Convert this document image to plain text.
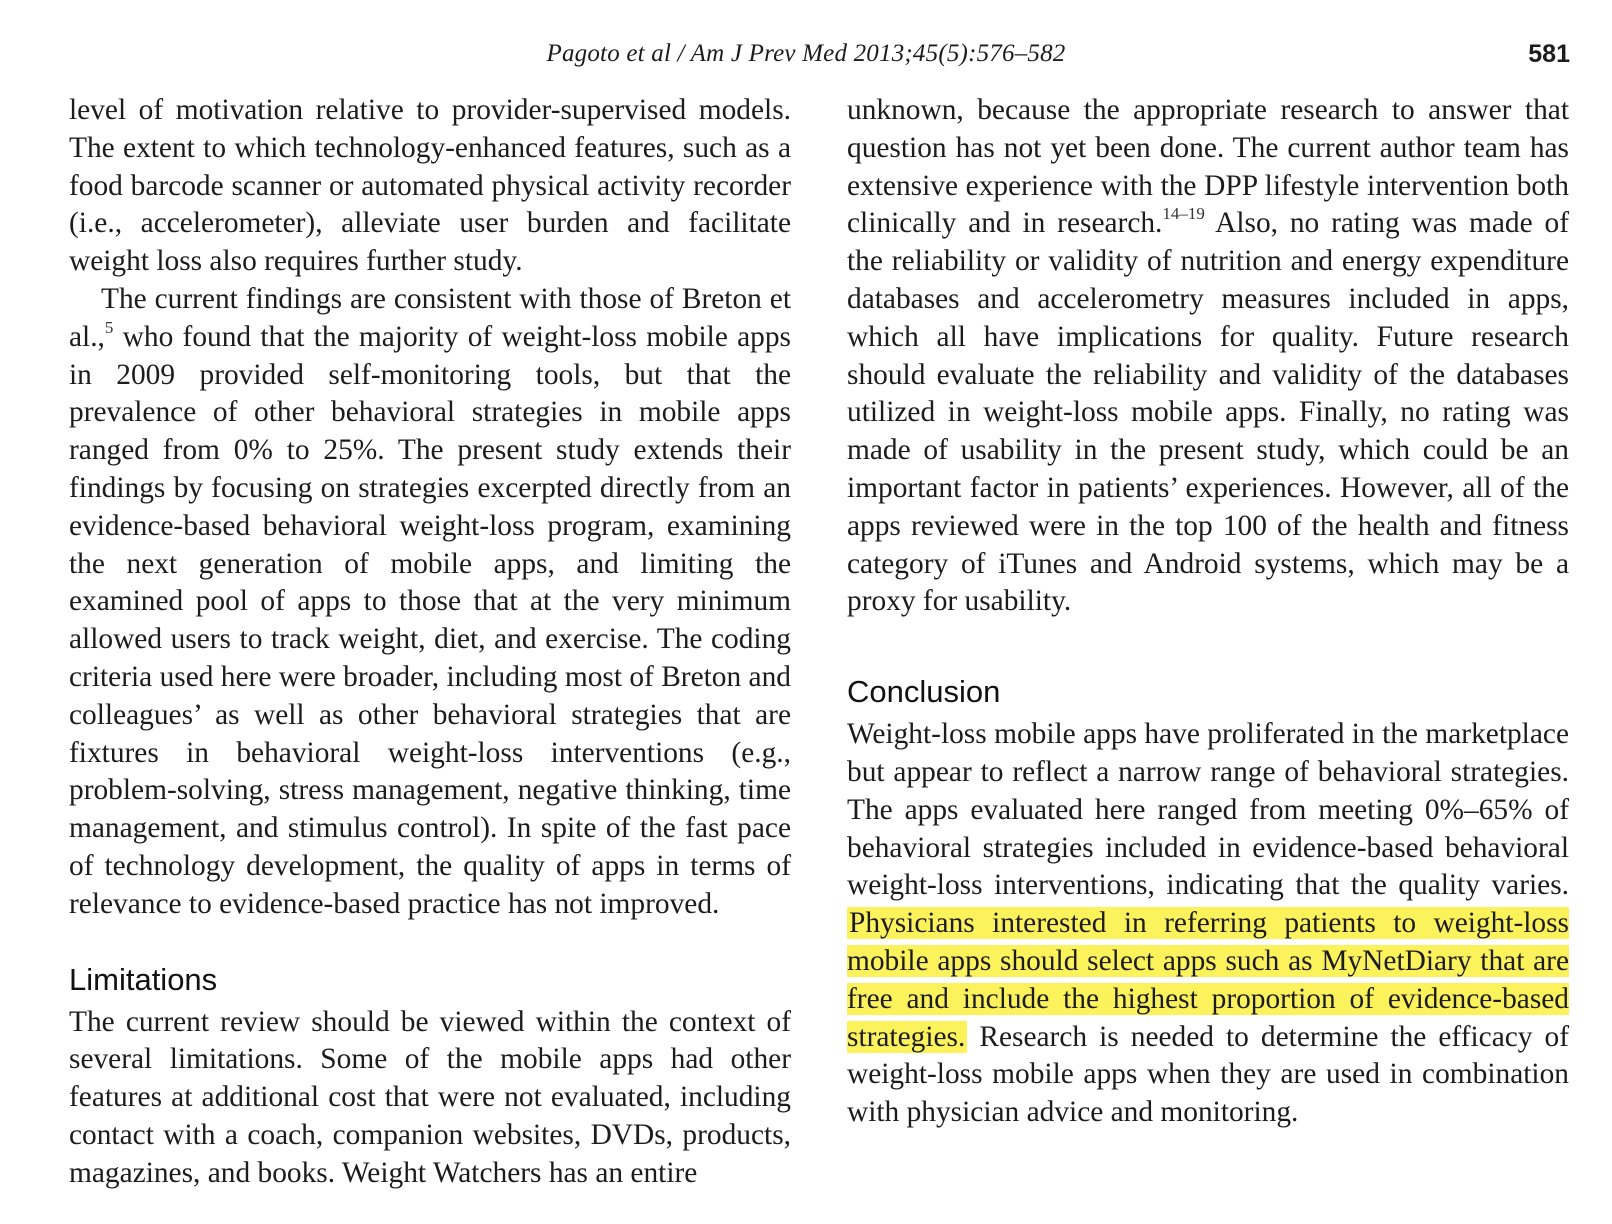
Pagoto et al / Am J Prev Med 2013;45(5):576–582	581

level of motivation relative to provider-supervised models. The extent to which technology-enhanced features, such as a food barcode scanner or automated physical activity recorder (i.e., accelerometer), alleviate user burden and facilitate weight loss also requires further study.

The current findings are consistent with those of Breton et al.,$^5$ who found that the majority of weight-loss mobile apps in 2009 provided self-monitoring tools, but that the prevalence of other behavioral strategies in mobile apps ranged from 0% to 25%. The present study extends their findings by focusing on strategies excerpted directly from an evidence-based behavioral weight-loss program, examining the next generation of mobile apps, and limiting the examined pool of apps to those that at the very minimum allowed users to track weight, diet, and exercise. The coding criteria used here were broader, including most of Breton and colleagues’ as well as other behavioral strategies that are fixtures in behavioral weight-loss interventions (e.g., problem-solving, stress management, negative thinking, time management, and stimulus control). In spite of the fast pace of technology development, the quality of apps in terms of relevance to evidence-based practice has not improved.

Limitations

The current review should be viewed within the context of several limitations. Some of the mobile apps had other features at additional cost that were not evaluated, including contact with a coach, companion websites, DVDs, products, magazines, and books. Weight Watchers has an entire

unknown, because the appropriate research to answer that question has not yet been done. The current author team has extensive experience with the DPP lifestyle intervention both clinically and in research.$^{14-19}$ Also, no rating was made of the reliability or validity of nutrition and energy expenditure databases and accelerometry measures included in apps, which all have implications for quality. Future research should evaluate the reliability and validity of the databases utilized in weight-loss mobile apps. Finally, no rating was made of usability in the present study, which could be an important factor in patients’ experiences. However, all of the apps reviewed were in the top 100 of the health and fitness category of iTunes and Android systems, which may be a proxy for usability.

Conclusion

Weight-loss mobile apps have proliferated in the marketplace but appear to reflect a narrow range of behavioral strategies. The apps evaluated here ranged from meeting 0%–65% of behavioral strategies included in evidence-based behavioral weight-loss interventions, indicating that the quality varies. Physicians interested in referring patients to weight-loss mobile apps should select apps such as MyNetDiary that are free and include the highest proportion of evidence-based strategies. Research is needed to determine the efficacy of weight-loss mobile apps when they are used in combination with physician advice and monitoring.
